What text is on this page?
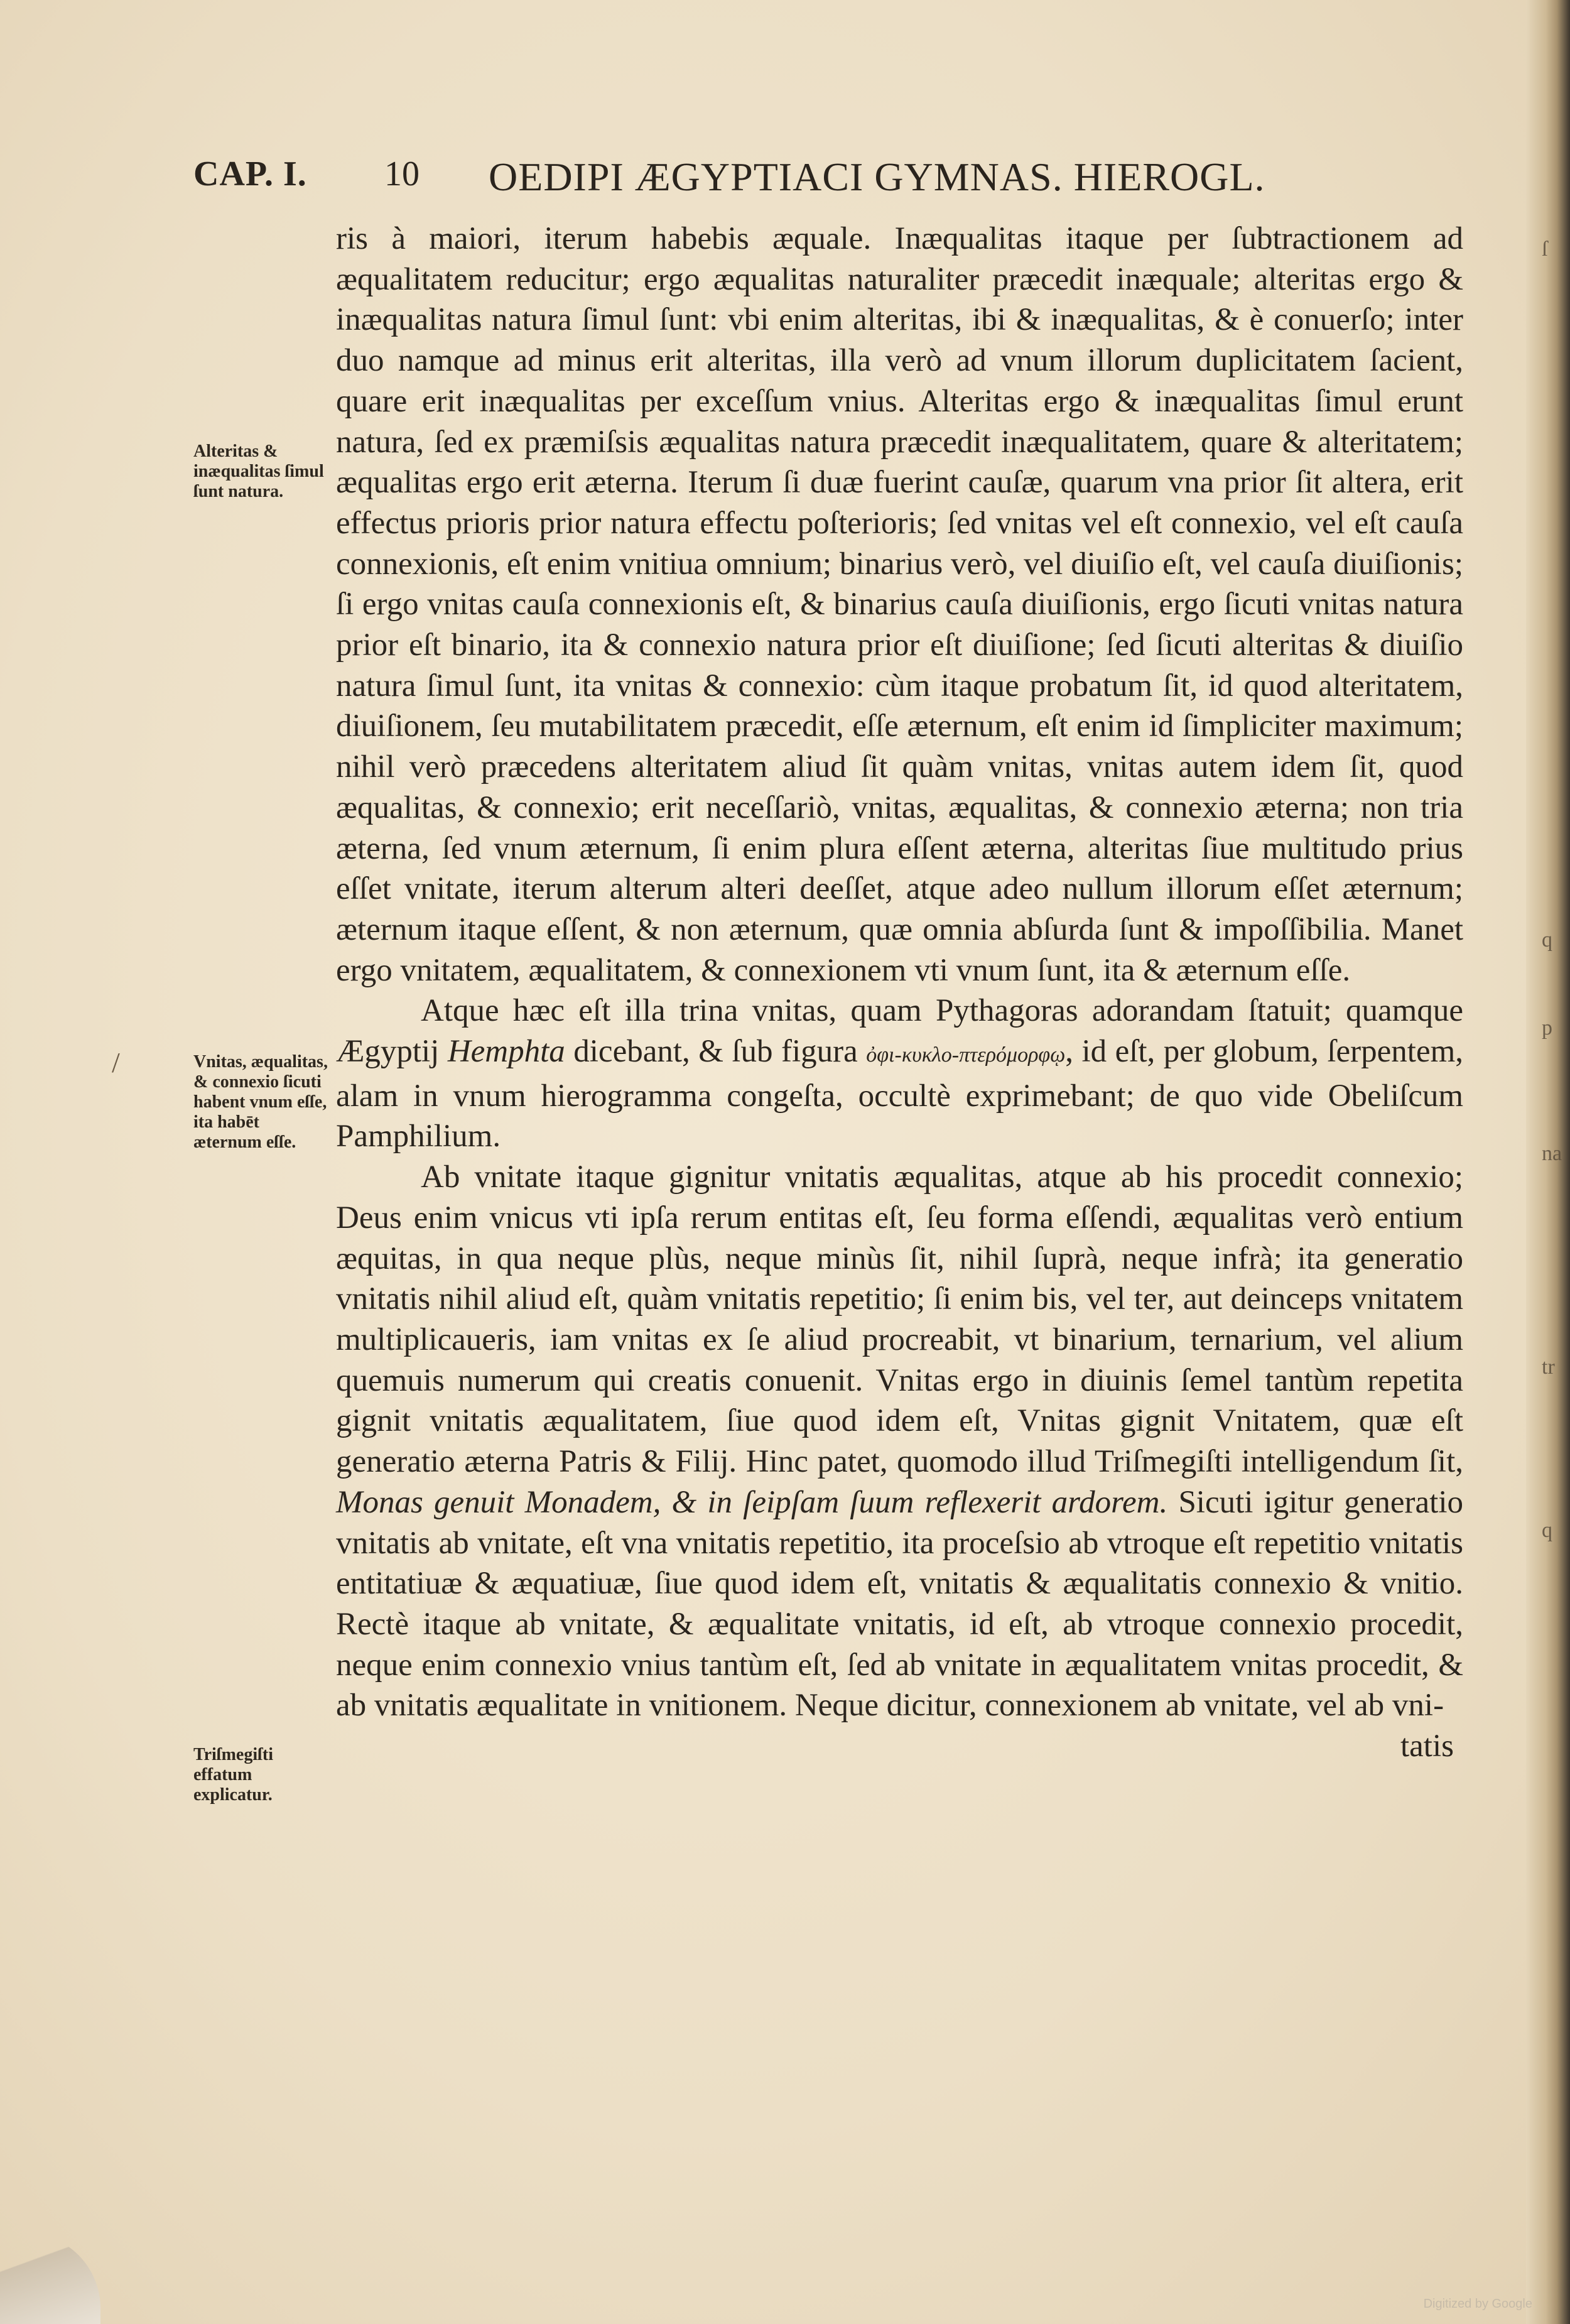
ſ
q
p
na
tr
q
CAP. I. 10 OEDIPI ÆGYPTIACI GYMNAS. HIEROGL.
/
Alteritas & inæqualitas ſimul ſunt natura.
Vnitas, æqualitas, & connexio ſicuti habent vnum eſſe, ita habēt æternum eſſe.
Triſmegiſti effatum explicatur.

ris à maiori, iterum habebis æquale. Inæqualitas itaque per ſubtractionem ad æqualitatem reducitur; ergo æqualitas naturaliter præcedit inæquale; alteritas ergo & inæqualitas natura ſimul ſunt: vbi enim alteritas, ibi & inæqualitas, & è conuerſo; inter duo namque ad minus erit alteritas, illa verò ad vnum illorum duplicitatem ſacient, quare erit inæqualitas per exceſſum vnius. Alteritas ergo & inæqualitas ſimul erunt natura, ſed ex præmiſsis æqualitas natura præcedit inæqualitatem, quare & alteritatem; æqualitas ergo erit æterna. Iterum ſi duæ fuerint cauſæ, quarum vna prior ſit altera, erit effectus prioris prior natura effectu poſterioris; ſed vnitas vel eſt connexio, vel eſt cauſa connexionis, eſt enim vnitiua omnium; binarius verò, vel diuiſio eſt, vel cauſa diuiſionis; ſi ergo vnitas cauſa connexionis eſt, & binarius cauſa diuiſionis, ergo ſicuti vnitas natura prior eſt binario, ita & connexio natura prior eſt diuiſione; ſed ſicuti alteritas & diuiſio natura ſimul ſunt, ita vnitas & connexio: cùm itaque probatum ſit, id quod alteritatem, diuiſionem, ſeu mutabilitatem præcedit, eſſe æternum, eſt enim id ſimpliciter maximum; nihil verò præcedens alteritatem aliud ſit quàm vnitas, vnitas autem idem ſit, quod æqualitas, & connexio; erit neceſſariò, vnitas, æqualitas, & connexio æterna; non tria æterna, ſed vnum æternum, ſi enim plura eſſent æterna, alteritas ſiue multitudo prius eſſet vnitate, iterum alterum alteri deeſſet, atque adeo nullum illorum eſſet æternum; æternum itaque eſſent, & non æternum, quæ omnia abſurda ſunt & impoſſibilia. Manet ergo vnitatem, æqualitatem, & connexionem vti vnum ſunt, ita & æternum eſſe.

Atque hæc eſt illa trina vnitas, quam Pythagoras adorandam ſtatuit; quamque Ægyptij Hemphta dicebant, & ſub figura ὀφι-κυκλο-πτερόμορφῳ, id eſt, per globum, ſerpentem, alam in vnum hierogramma congeſta, occultè exprimebant; de quo vide Obeliſcum Pamphilium.

Ab vnitate itaque gignitur vnitatis æqualitas, atque ab his procedit connexio; Deus enim vnicus vti ipſa rerum entitas eſt, ſeu forma eſſendi, æqualitas verò entium æquitas, in qua neque plùs, neque minùs ſit, nihil ſuprà, neque infrà; ita generatio vnitatis nihil aliud eſt, quàm vnitatis repetitio; ſi enim bis, vel ter, aut deinceps vnitatem multiplicaueris, iam vnitas ex ſe aliud procreabit, vt binarium, ternarium, vel alium quemuis numerum qui creatis conuenit. Vnitas ergo in diuinis ſemel tantùm repetita gignit vnitatis æqualitatem, ſiue quod idem eſt, Vnitas gignit Vnitatem, quæ eſt generatio æterna Patris & Filij. Hinc patet, quomodo illud Triſmegiſti intelligendum ſit, Monas genuit Monadem, & in ſeipſam ſuum reflexerit ardorem. Sicuti igitur generatio vnitatis ab vnitate, eſt vna vnitatis repetitio, ita proceſsio ab vtroque eſt repetitio vnitatis entitatiuæ & æquatiuæ, ſiue quod idem eſt, vnitatis & æqualitatis connexio & vnitio. Rectè itaque ab vnitate, & æqualitate vnitatis, id eſt, ab vtroque connexio procedit, neque enim connexio vnius tantùm eſt, ſed ab vnitate in æqualitatem vnitas procedit, & ab vnitatis æqualitate in vnitionem. Neque dicitur, connexionem ab vnitate, vel ab vni-

tatis

Digitized by Google
